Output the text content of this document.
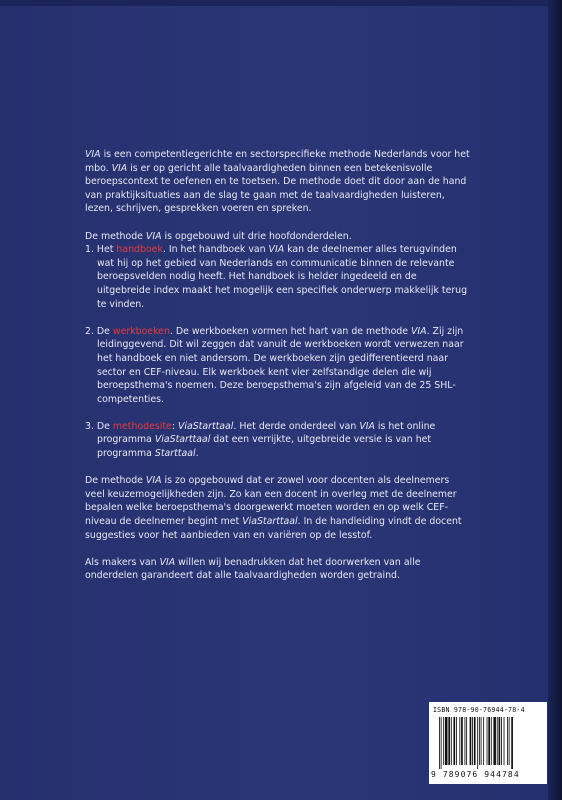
VIA is een competentiegerichte en sectorspecifieke methode Nederlands voor het mbo. VIA is er op gericht alle taalvaardigheden binnen een betekenisvolle beroepscontext te oefenen en te toetsen. De methode doet dit door aan de hand van praktijksituaties aan de slag te gaan met de taalvaardigheden luisteren, lezen, schrijven, gesprekken voeren en spreken.

De methode VIA is opgebouwd uit drie hoofdonderdelen.

1. Het handboek. In het handboek van VIA kan de deelnemer alles terugvinden wat hij op het gebied van Nederlands en communicatie binnen de relevante beroepsvelden nodig heeft. Het handboek is helder ingedeeld en de uitgebreide index maakt het mogelijk een specifiek onderwerp makkelijk terug te vinden.

2. De werkboeken. De werkboeken vormen het hart van de methode VIA. Zij zijn leidinggevend. Dit wil zeggen dat vanuit de werkboeken wordt verwezen naar het handboek en niet andersom. De werkboeken zijn gedifferentieerd naar sector en CEF-niveau. Elk werkboek kent vier zelfstandige delen die wij beroepsthema's noemen. Deze beroepsthema's zijn afgeleid van de 25 SHL-competenties.

3. De methodesite: ViaStarttaal. Het derde onderdeel van VIA is het online programma ViaStarttaal dat een verrijkte, uitgebreide versie is van het programma Starttaal.

De methode VIA is zo opgebouwd dat er zowel voor docenten als deelnemers veel keuzemogelijkheden zijn. Zo kan een docent in overleg met de deelnemer bepalen welke beroepsthema's doorgewerkt moeten worden en op welk CEF-niveau de deelnemer begint met ViaStarttaal. In de handleiding vindt de docent suggesties voor het aanbieden van en variëren op de lesstof.

Als makers van VIA willen wij benadrukken dat het doorwerken van alle onderdelen garandeert dat alle taalvaardigheden worden getraind.

ISBN 978-90-76944-78-4
9 789076 944784
